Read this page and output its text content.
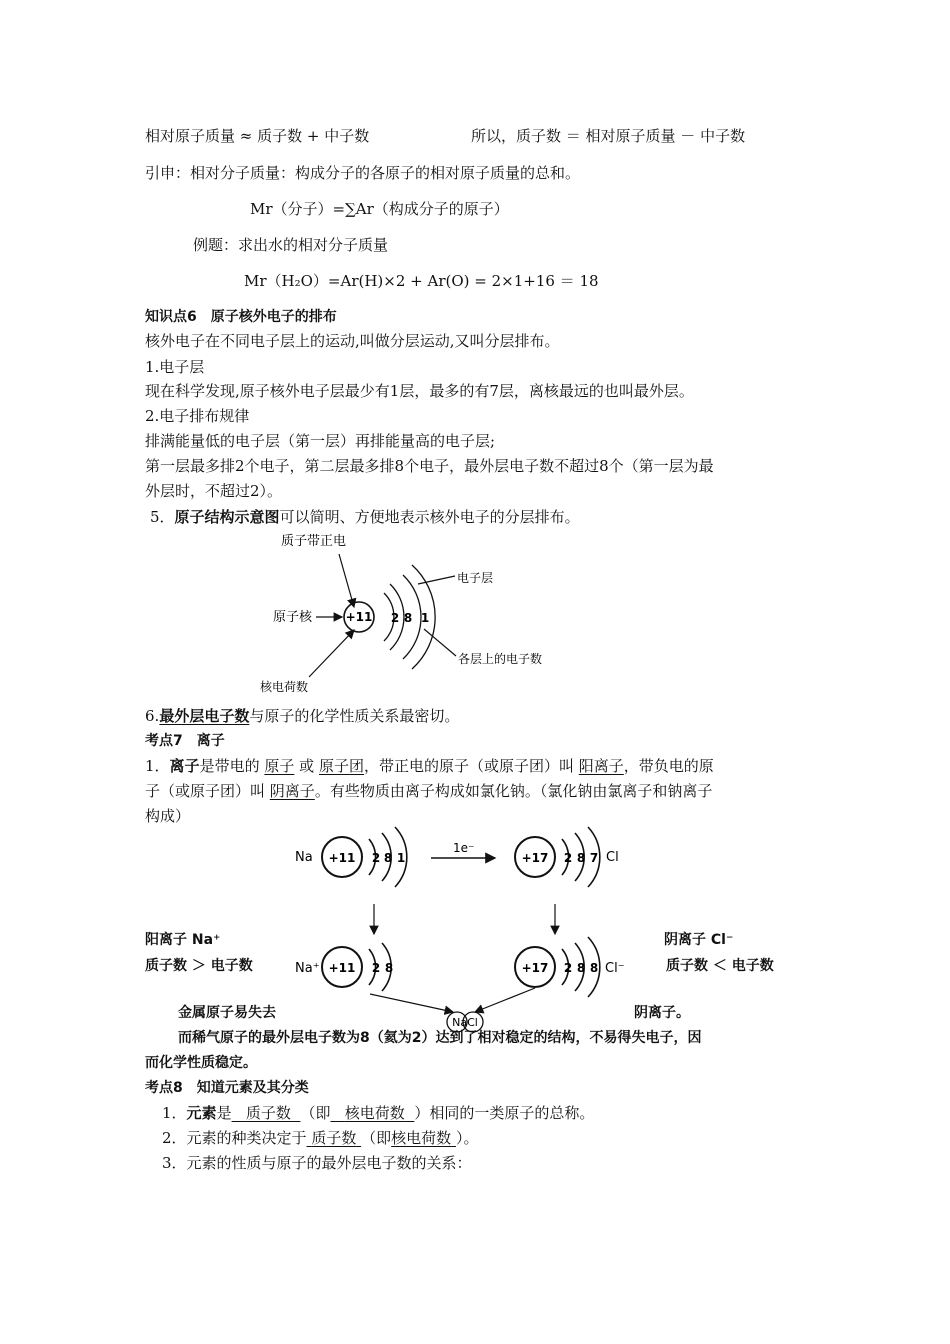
相对原子质量 ≈ 质子数 + 中子数	所以，质子数 ＝ 相对原子质量 － 中子数
引申：相对分子质量：构成分子的各原子的相对原子质量的总和。
Mr（分子）=∑Ar（构成分子的原子）
例题：求出水的相对分子质量
Mr（H₂O）=Ar(H)×2 + Ar(O) = 2×1+16 ＝ 18
知识点6　原子核外电子的排布
核外电子在不同电子层上的运动,叫做分层运动,又叫分层排布。
1.电子层
现在科学发现,原子核外电子层最少有1层，最多的有7层，离核最远的也叫最外层。
2.电子排布规律
排满能量低的电子层（第一层）再排能量高的电子层;
第一层最多排2个电子，第二层最多排8个电子，最外层电子数不超过8个（第一层为最
外层时，不超过2）。
5．原子结构示意图可以简明、方便地表示核外电子的分层排布。
质子带正电
+11
原子核	2 8 1
电子层
各层上的电子数
核电荷数
6.最外层电子数与原子的化学性质关系最密切。
考点7　离子
1．离子是带电的 原子 或 原子团，带正电的原子（或原子团）叫 阳离子，带负电的原
子（或原子团）叫 阴离子。有些物质由离子构成如氯化钠。（氯化钠由氯离子和钠离子
构成）
Na +11 2 8 1
1e⁻
+17 2 8 7 Cl
Na⁺ +11 2 8	+17 2 8 8 Cl⁻
NaCl
阳离子 Na⁺
质子数 ＞ 电子数
阴离子 Cl⁻
质子数 ＜ 电子数
金属原子易失去	阴离子。
而稀气原子的最外层电子数为8（氦为2）达到了相对稳定的结构，不易得失电子，因
而化学性质稳定。
考点8　知道元素及其分类
1．元素是 质子数 （即 核电荷数 ）相同的一类原子的总称。
2．元素的种类决定于 质子数 （即核电荷数 ）。
3．元素的性质与原子的最外层电子数的关系：
